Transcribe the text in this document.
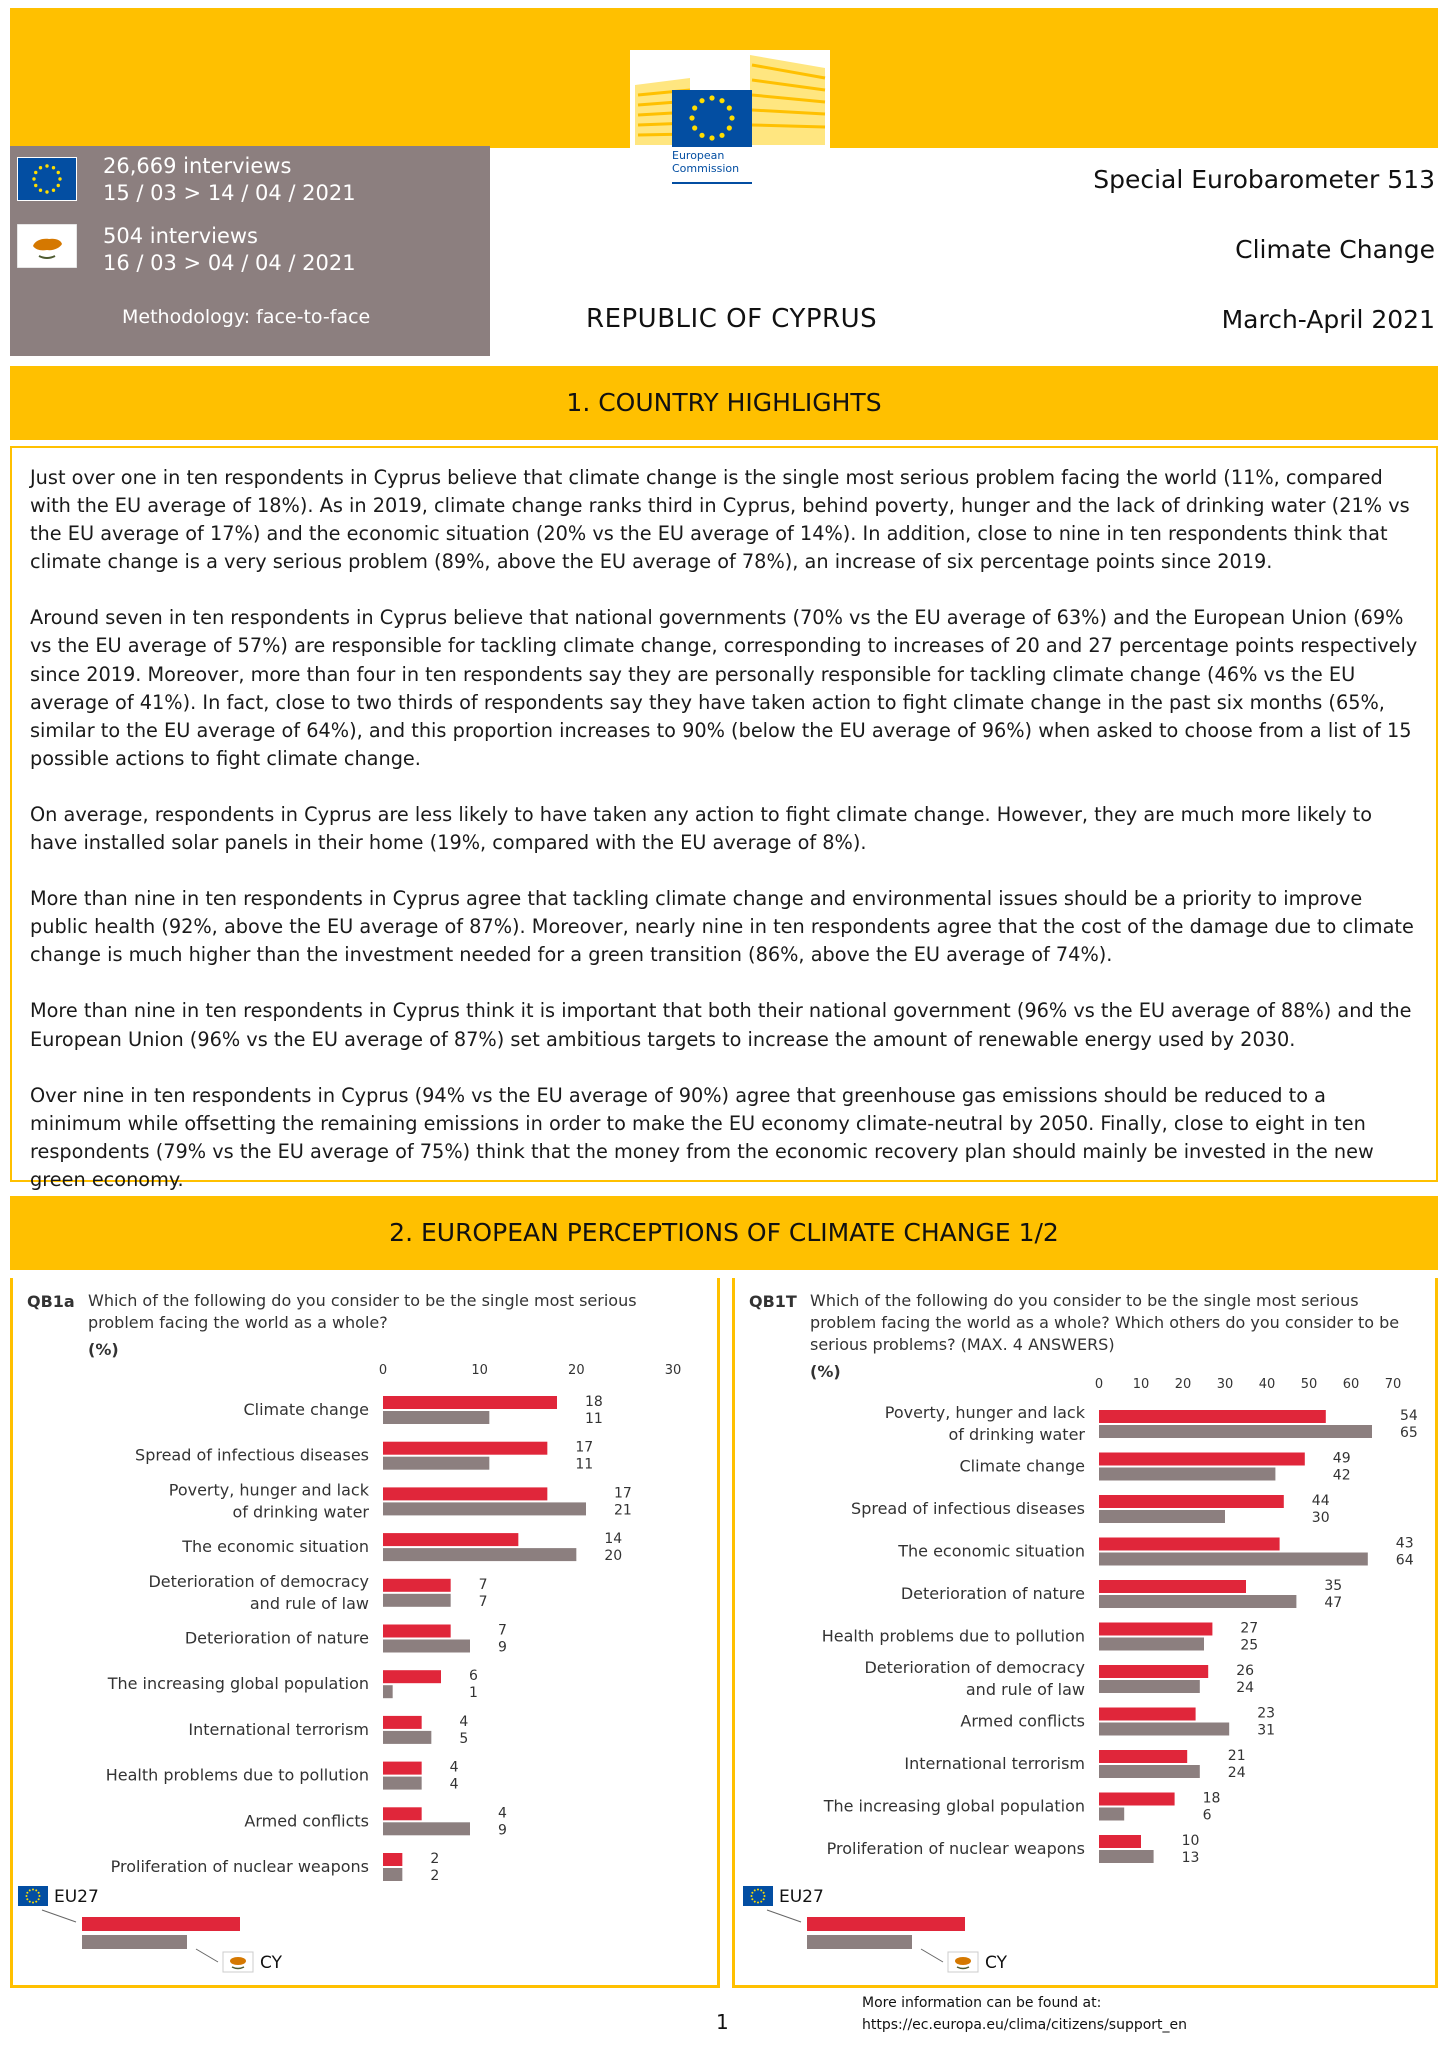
European
Commission
26,669 interviews
15 / 03 > 14 / 04 / 2021
504 interviews
16 / 03 > 04 / 04 / 2021
Methodology: face-to-face
Special Eurobarometer 513
Climate Change
March-April 2021
REPUBLIC OF CYPRUS
1. COUNTRY HIGHLIGHTS

Just over one in ten respondents in Cyprus believe that climate change is the single most serious problem facing the world (11%, compared with the EU average of 18%). As in 2019, climate change ranks third in Cyprus, behind poverty, hunger and the lack of drinking water (21% vs the EU average of 17%) and the economic situation (20% vs the EU average of 14%). In addition, close to nine in ten respondents think that climate change is a very serious problem (89%, above the EU average of 78%), an increase of six percentage points since 2019.

Around seven in ten respondents in Cyprus believe that national governments (70% vs the EU average of 63%) and the European Union (69% vs the EU average of 57%) are responsible for tackling climate change, corresponding to increases of 20 and 27 percentage points respectively since 2019. Moreover, more than four in ten respondents say they are personally responsible for tackling climate change (46% vs the EU average of 41%). In fact, close to two thirds of respondents say they have taken action to fight climate change in the past six months (65%, similar to the EU average of 64%), and this proportion increases to 90% (below the EU average of 96%) when asked to choose from a list of 15 possible actions to fight climate change.

On average, respondents in Cyprus are less likely to have taken any action to fight climate change. However, they are much more likely to have installed solar panels in their home (19%, compared with the EU average of 8%).

More than nine in ten respondents in Cyprus agree that tackling climate change and environmental issues should be a priority to improve public health (92%, above the EU average of 87%). Moreover, nearly nine in ten respondents agree that the cost of the damage due to climate change is much higher than the investment needed for a green transition (86%, above the EU average of 74%).

More than nine in ten respondents in Cyprus think it is important that both their national government (96% vs the EU average of 88%) and the European Union (96% vs the EU average of 87%) set ambitious targets to increase the amount of renewable energy used by 2030.

Over nine in ten respondents in Cyprus (94% vs the EU average of 90%) agree that greenhouse gas emissions should be reduced to a minimum while offsetting the remaining emissions in order to make the EU economy climate-neutral by 2050. Finally, close to eight in ten respondents (79% vs the EU average of 75%) think that the money from the economic recovery plan should mainly be invested in the new green economy.

2. EUROPEAN PERCEPTIONS OF CLIMATE CHANGE 1/2
QB1a Which of the following do you consider to be the single most serious
problem facing the world as a whole?
(%)
0	10	20	30
Climate change	18
11
Spread of infectious diseases	17
11
Poverty, hunger and lack
of drinking water
17
21
The economic situation	14
20
Deterioration of democracy
and rule of law
7
7
Deterioration of nature	7
9
The increasing global population	6
1
International terrorism	4
5
Health problems due to pollution	4
4
Armed conflicts	4
9
Proliferation of nuclear weapons	2
2
EU27
CY
QB1T Which of the following do you consider to be the single most serious
problem facing the world as a whole? Which others do you consider to be
serious problems? (MAX. 4 ANSWERS)
(%)
0 10 20 30 40 50 60 70
Poverty, hunger and lack
of drinking water
54
65
Climate change	49
42
Spread of infectious diseases	44
30
The economic situation	43
64
Deterioration of nature	35
47
Health problems due to pollution	27
25
Deterioration of democracy
and rule of law
26
24
Armed conflicts	23
31
International terrorism	21
24
The increasing global population	18
6
Proliferation of nuclear weapons	10
13
EU27
CY
1
More information can be found at:
https://ec.europa.eu/clima/citizens/support_en
